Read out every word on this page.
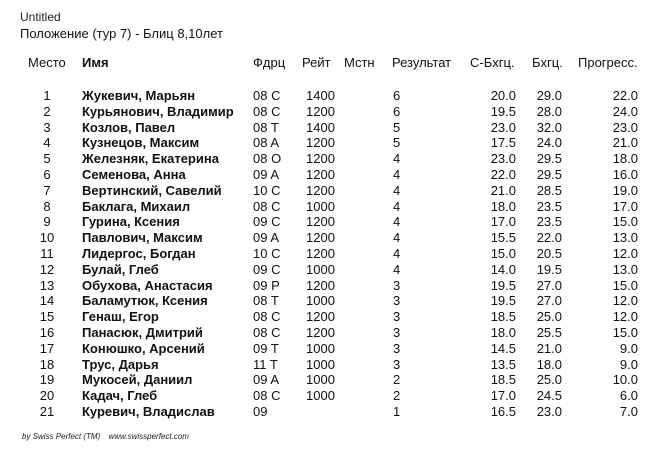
Untitled
Положение (тур 7) - Блиц 8,10лет
Место Имя	Фдрц Рейт Мстн Результат С-Бхгц. Бхгц. Прогресс.
1	Жукевич, Марьян	08 C 1400	6	20.0	29.0	22.0
2	Курьянович, Владимир 08 C 1200	6	19.5	28.0	24.0
3	Козлов, Павел	08 T 1400	5	23.0	32.0	23.0
4	Кузнецов, Максим	08 A 1200	5	17.5	24.0	21.0
5	Железняк, Екатерина	08 O 1200	4	23.0	29.5	18.0
6	Семенова, Анна	09 A 1200	4	22.0	29.5	16.0
7	Вертинский, Савелий 10 C 1200	4	21.0	28.5	19.0
8	Баклага, Михаил	08 C 1000	4	18.0	23.5	17.0
9	Гурина, Ксения	09 C 1200	4	17.0	23.5	15.0
10 Павлович, Максим	09 A 1200	4	15.5	22.0	13.0
11	Лидергос, Богдан	10 C 1200	4	15.0	20.5	12.0
12 Булай, Глеб	09 C 1000	4	14.0	19.5	13.0
13 Обухова, Анастасия	09 P 1200	3	19.5	27.0	15.0
14 Баламутюк, Ксения	08 T 1000	3	19.5	27.0	12.0
15 Генаш, Егор	08 C 1200	3	18.5	25.0	12.0
16 Панасюк, Дмитрий	08 C 1200	3	18.0	25.5	15.0
17 Конюшко, Арсений	09 T 1000	3	14.5	21.0	9.0
18 Трус, Дарья	11 T 1000	3	13.5	18.0	9.0
19 Мукосей, Даниил	09 A 1000	2	18.5	25.0	10.0
20 Кадач, Глеб	08 C 1000	2	17.0	24.5	6.0
21 Куревич, Владислав	09	1	16.5	23.0	7.0
by Swiss Perfect (TM) www.swissperfect.com
